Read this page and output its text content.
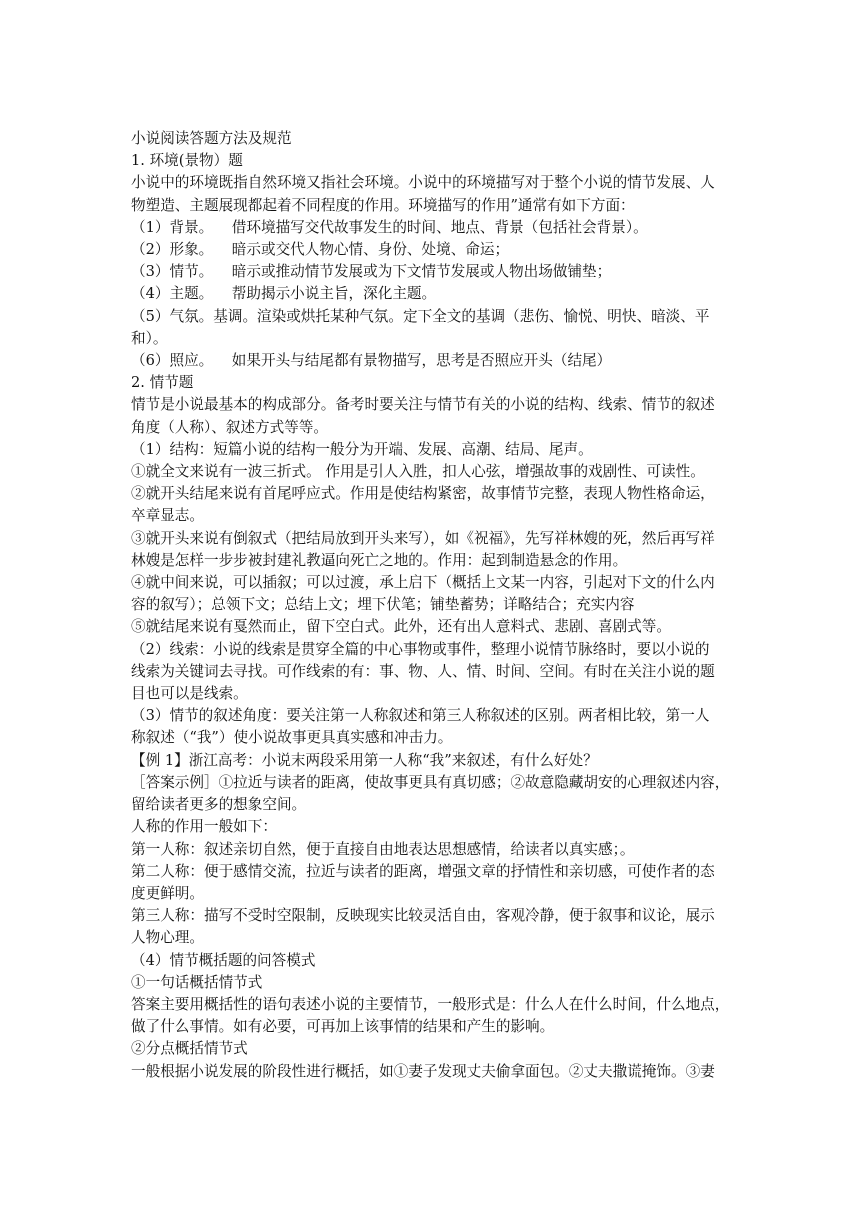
小说阅读答题方法及规范
1. 环境(景物）题
小说中的环境既指自然环境又指社会环境。小说中的环境描写对于整个小说的情节发展、人
物塑造、主题展现都起着不同程度的作用。环境描写的作用”通常有如下方面：
（1）背景。    借环境描写交代故事发生的时间、地点、背景（包括社会背景）。
（2）形象。    暗示或交代人物心情、身份、处境、命运；
（3）情节。    暗示或推动情节发展或为下文情节发展或人物出场做铺垫；
（4）主题。    帮助揭示小说主旨，深化主题。
（5）气氛。基调。渲染或烘托某种气氛。定下全文的基调（悲伤、愉悦、明快、暗淡、平
和）。
（6）照应。    如果开头与结尾都有景物描写，思考是否照应开头（结尾）
2. 情节题
情节是小说最基本的构成部分。备考时要关注与情节有关的小说的结构、线索、情节的叙述
角度（人称）、叙述方式等等。
（1）结构：短篇小说的结构一般分为开端、发展、高潮、结局、尾声。
①就全文来说有一波三折式。 作用是引人入胜，扣人心弦，增强故事的戏剧性、可读性。
②就开头结尾来说有首尾呼应式。作用是使结构紧密，故事情节完整，表现人物性格命运，
卒章显志。
③就开头来说有倒叙式（把结局放到开头来写），如《祝福》，先写祥林嫂的死，然后再写祥
林嫂是怎样一步步被封建礼教逼向死亡之地的。作用：起到制造悬念的作用。
④就中间来说，可以插叙；可以过渡，承上启下（概括上文某一内容，引起对下文的什么内
容的叙写）；总领下文；总结上文；埋下伏笔；铺垫蓄势；详略结合；充实内容
⑤就结尾来说有戛然而止，留下空白式。此外，还有出人意料式、悲剧、喜剧式等。
（2）线索：小说的线索是贯穿全篇的中心事物或事件，整理小说情节脉络时，要以小说的
线索为关键词去寻找。可作线索的有：事、物、人、情、时间、空间。有时在关注小说的题
目也可以是线索。
（3）情节的叙述角度：要关注第一人称叙述和第三人称叙述的区别。两者相比较，第一人
称叙述（“我”）使小说故事更具真实感和冲击力。
【例 1】浙江高考：小说末两段采用第一人称“我”来叙述，有什么好处？
［答案示例］①拉近与读者的距离，使故事更具有真切感；②故意隐藏胡安的心理叙述内容，
留给读者更多的想象空间。
人称的作用一般如下：
第一人称：叙述亲切自然，便于直接自由地表达思想感情，给读者以真实感；。
第二人称：便于感情交流，拉近与读者的距离，增强文章的抒情性和亲切感，可使作者的态
度更鲜明。
第三人称：描写不受时空限制，反映现实比较灵活自由，客观冷静，便于叙事和议论，展示
人物心理。
（4）情节概括题的问答模式
①一句话概括情节式
答案主要用概括性的语句表述小说的主要情节，一般形式是：什么人在什么时间，什么地点，
做了什么事情。如有必要，可再加上该事情的结果和产生的影响。
②分点概括情节式
一般根据小说发展的阶段性进行概括，如①妻子发现丈夫偷拿面包。②丈夫撒谎掩饰。③妻
